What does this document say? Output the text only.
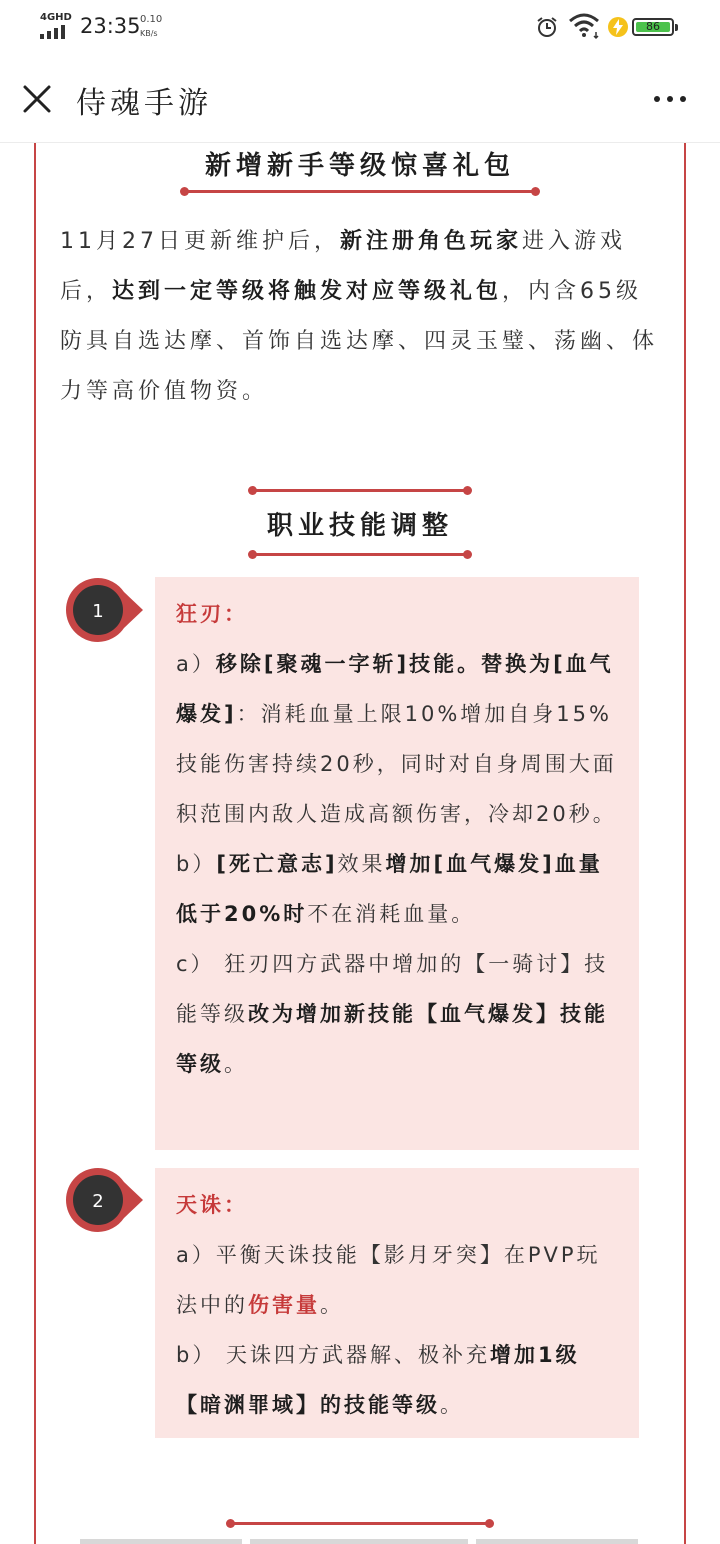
4GHD 23:35 0.10
KB/s
86
侍魂手游
新增新手等级惊喜礼包

11月27日更新维护后，新注册角色玩家进入游戏后，达到一定等级将触发对应等级礼包，内含65级防具自选达摩、首饰自选达摩、四灵玉璧、荡幽、体力等高价值物资。

职业技能调整
1	狂刃：

a）移除[聚魂一字斩]技能。替换为[血气爆发]：消耗血量上限10%增加自身15%技能伤害持续20秒，同时对自身周围大面积范围内敌人造成高额伤害，冷却20秒。

b）[死亡意志]效果增加[血气爆发]血量低于20%时不在消耗血量。

c） 狂刃四方武器中增加的【一骑讨】技能等级改为增加新技能【血气爆发】技能等级。

2	天诛：

a）平衡天诛技能【影月牙突】在PVP玩法中的伤害量。

b） 天诛四方武器解、极补充增加1级【暗渊罪域】的技能等级。
